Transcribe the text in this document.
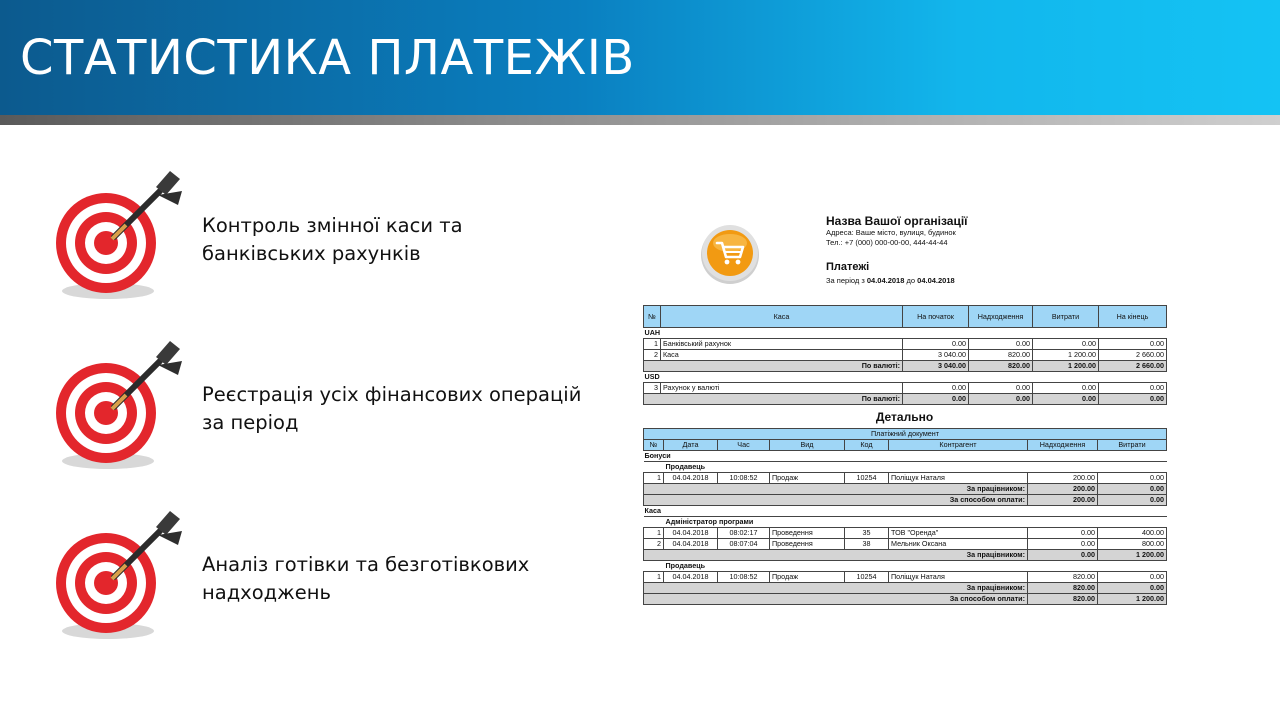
СТАТИСТИКА ПЛАТЕЖІВ
Контроль змінної каси та
банківських рахунків
Реєстрація усіх фінансових операцій
за період
Аналіз готівки та безготівкових
надходжень
Назва Вашої організації
Адреса: Ваше місто, вулиця, будинок
Тел.: +7 (000) 000-00-00, 444-44-44
Платежі
За період з 04.04.2018 до 04.04.2018
№	Каса	На початок	Надходження	Витрати	На кінець
UAH					
1	Банківський рахунок	0.00	0.00	0.00	0.00
2	Каса	3 040.00	820.00	1 200.00	2 660.00
По валюті:		3 040.00	820.00	1 200.00	2 660.00
USD					
3	Рахунок у валюті	0.00	0.00	0.00	0.00
По валюті:		0.00	0.00	0.00	0.00
Детально
Платіжний документ							
№	Дата	Час	Вид	Код	Контрагент	Надходження	Витрати
Бонуси							
Продавець							
1	04.04.2018	10:08:52	Продаж	10254	Поліщук Наталя	200.00	0.00
За працівником:						200.00	0.00
За способом оплати:						200.00	0.00
Каса							
Адміністратор програми							
1	04.04.2018	08:02:17	Проведення	35	ТОВ "Оренда"	0.00	400.00
2	04.04.2018	08:07:04	Проведення	38	Мельник Оксана	0.00	800.00
За працівником:						0.00	1 200.00
Продавець							
1	04.04.2018	10:08:52	Продаж	10254	Поліщук Наталя	820.00	0.00
За працівником:						820.00	0.00
За способом оплати:						820.00	1 200.00
